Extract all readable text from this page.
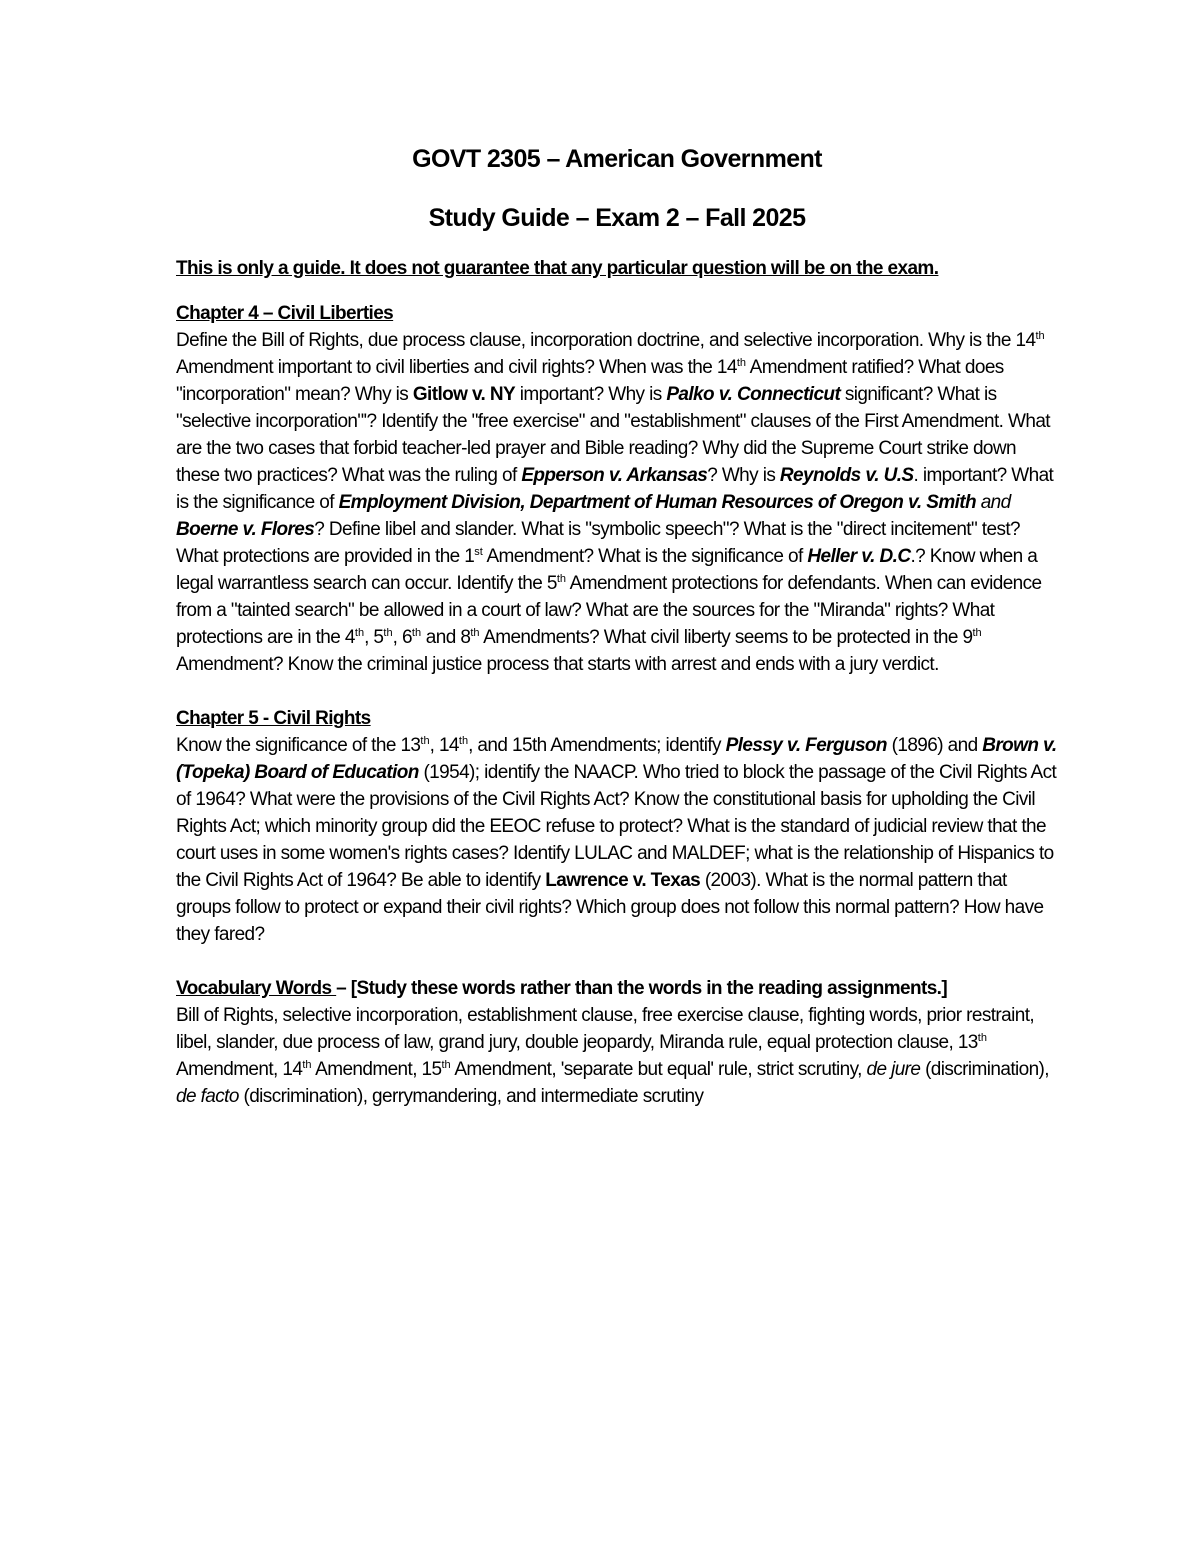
GOVT 2305 – American Government

Study Guide – Exam 2 – Fall 2025

This is only a guide. It does not guarantee that any particular question will be on the exam.

Chapter 4 – Civil Liberties

Define the Bill of Rights, due process clause, incorporation doctrine, and selective incorporation. Why is the 14th Amendment important to civil liberties and civil rights? When was the 14th Amendment ratified? What does "incorporation" mean? Why is Gitlow v. NY important? Why is Palko v. Connecticut significant? What is "selective incorporation"'? Identify the "free exercise" and "establishment" clauses of the First Amendment. What are the two cases that forbid teacher-led prayer and Bible reading? Why did the Supreme Court strike down these two practices? What was the ruling of Epperson v. Arkansas? Why is Reynolds v. U.S. important? What is the significance of Employment Division, Department of Human Resources of Oregon v. Smith and Boerne v. Flores? Define libel and slander. What is "symbolic speech"? What is the "direct incitement" test? What protections are provided in the 1st Amendment? What is the significance of Heller v. D.C.? Know when a legal warrantless search can occur. Identify the 5th Amendment protections for defendants. When can evidence from a "tainted search" be allowed in a court of law? What are the sources for the "Miranda" rights? What protections are in the 4th, 5th, 6th and 8th Amendments? What civil liberty seems to be protected in the 9th Amendment? Know the criminal justice process that starts with arrest and ends with a jury verdict.

Chapter 5 - Civil Rights

Know the significance of the 13th, 14th, and 15th Amendments; identify Plessy v. Ferguson (1896) and Brown v. (Topeka) Board of Education (1954); identify the NAACP. Who tried to block the passage of the Civil Rights Act of 1964? What were the provisions of the Civil Rights Act? Know the constitutional basis for upholding the Civil Rights Act; which minority group did the EEOC refuse to protect? What is the standard of judicial review that the court uses in some women's rights cases? Identify LULAC and MALDEF; what is the relationship of Hispanics to the Civil Rights Act of 1964? Be able to identify Lawrence v. Texas (2003). What is the normal pattern that groups follow to protect or expand their civil rights? Which group does not follow this normal pattern? How have they fared?

Vocabulary Words – [Study these words rather than the words in the reading assignments.]

Bill of Rights, selective incorporation, establishment clause, free exercise clause, fighting words, prior restraint, libel, slander, due process of law, grand jury, double jeopardy, Miranda rule, equal protection clause, 13th Amendment, 14th Amendment, 15th Amendment, 'separate but equal' rule, strict scrutiny, de jure (discrimination), de facto (discrimination), gerrymandering, and intermediate scrutiny
